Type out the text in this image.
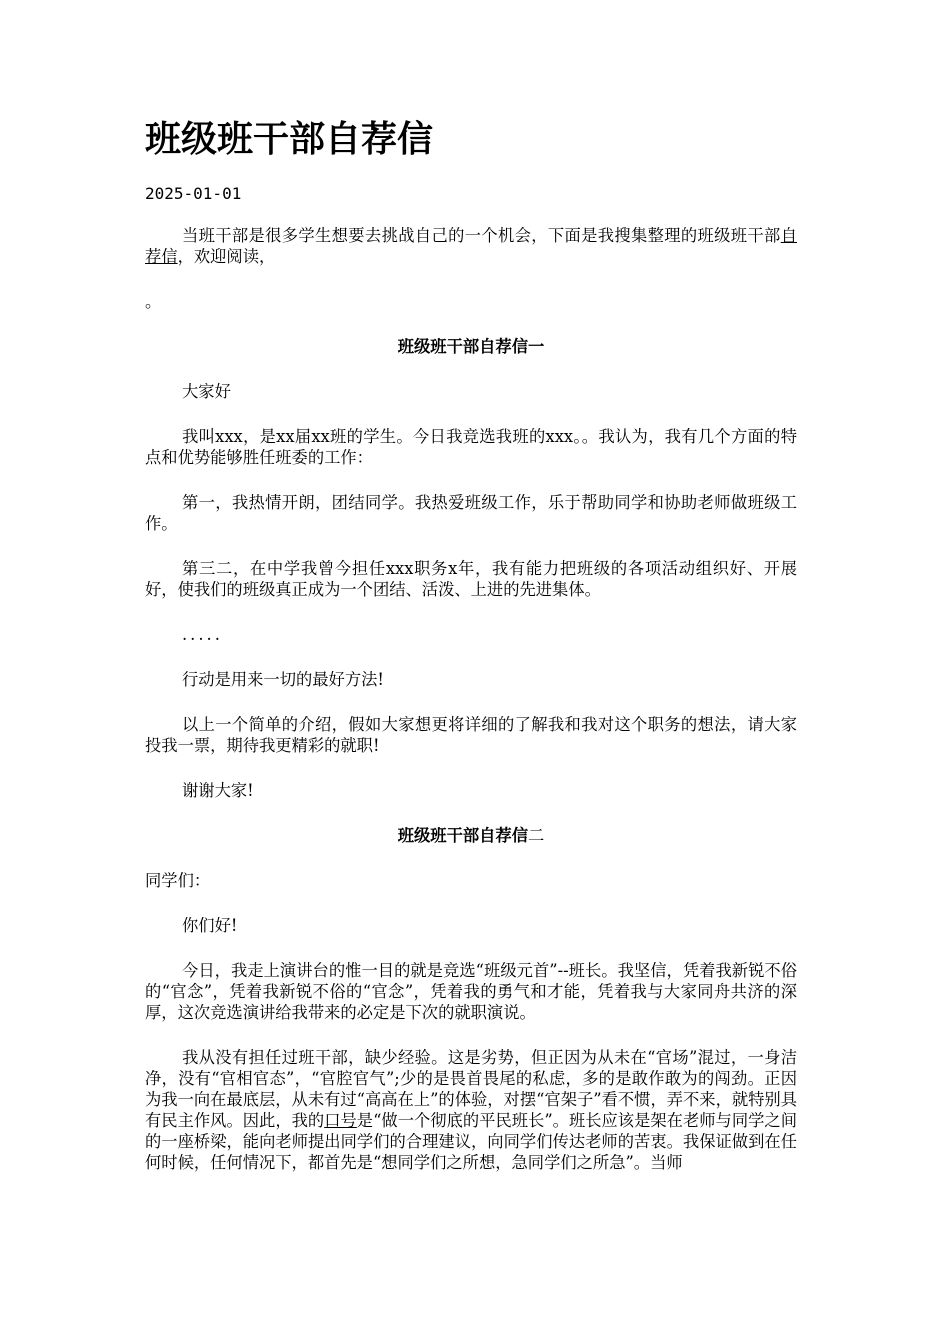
班级班干部自荐信
2025-01-01

当班干部是很多学生想要去挑战自己的一个机会，下面是我搜集整理的班级班干部自荐信，欢迎阅读，

。

班级班干部自荐信一

大家好

我叫xxx，是xx届xx班的学生。今日我竞选我班的xxx。。我认为，我有几个方面的特点和优势能够胜任班委的工作：

第一，我热情开朗，团结同学。我热爱班级工作，乐于帮助同学和协助老师做班级工作。

第三二，在中学我曾今担任xxx职务x年，我有能力把班级的各项活动组织好、开展好，使我们的班级真正成为一个团结、活泼、上进的先进集体。

.....

行动是用来一切的最好方法!

以上一个简单的介绍，假如大家想更将详细的了解我和我对这个职务的想法，请大家投我一票，期待我更精彩的就职!

谢谢大家!

班级班干部自荐信二

同学们：

你们好!

今日，我走上演讲台的惟一目的就是竞选“班级元首”--班长。我坚信，凭着我新锐不俗的“官念”，凭着我新锐不俗的“官念”，凭着我的勇气和才能，凭着我与大家同舟共济的深厚，这次竞选演讲给我带来的必定是下次的就职演说。

我从没有担任过班干部，缺少经验。这是劣势，但正因为从未在“官场”混过，一身洁净，没有“官相官态”，“官腔官气”;少的是畏首畏尾的私虑，多的是敢作敢为的闯劲。正因为我一向在最底层，从未有过“高高在上”的体验，对摆“官架子”看不惯，弄不来，就特别具有民主作风。因此，我的口号是“做一个彻底的平民班长”。班长应该是架在老师与同学之间的一座桥梁，能向老师提出同学们的合理建议，向同学们传达老师的苦衷。我保证做到在任何时候，任何情况下，都首先是“想同学们之所想，急同学们之所急”。当师
